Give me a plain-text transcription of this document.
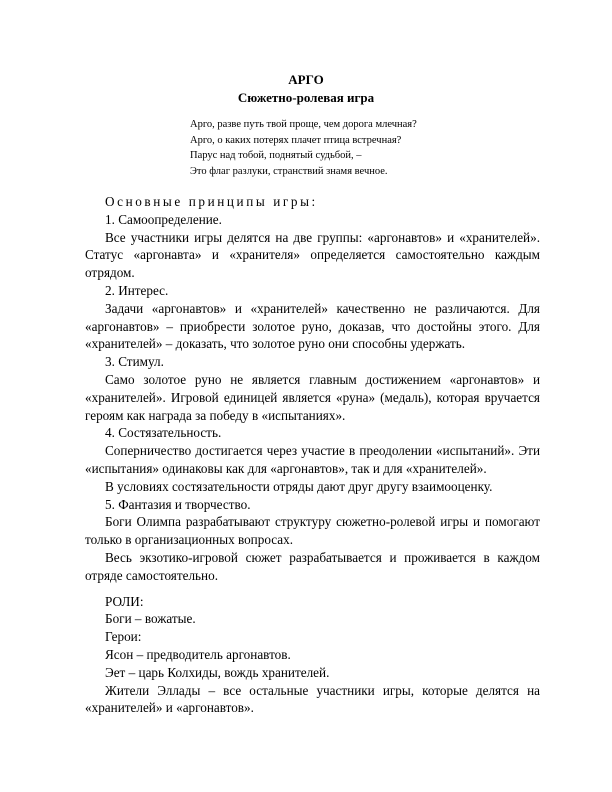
АРГО
Сюжетно-ролевая игра
Арго, разве путь твой проще, чем дорога млечная?
Арго, о каких потерях плачет птица встречная?
Парус над тобой, поднятый судьбой, –
Это флаг разлуки, странствий знамя вечное.

Основные принципы игры:

1. Самоопределение.

Все участники игры делятся на две группы: «аргонавтов» и «хранителей». Статус «аргонавта» и «хранителя» определяется самостоятельно каждым отрядом.

2. Интерес.

Задачи «аргонавтов» и «хранителей» качественно не различаются. Для «аргонавтов» – приобрести золотое руно, доказав, что достойны этого. Для «хранителей» – доказать, что золотое руно они способны удержать.

3. Стимул.

Само золотое руно не является главным достижением «аргонавтов» и «хранителей». Игровой единицей является «руна» (медаль), которая вручается героям как награда за победу в «испытаниях».

4. Состязательность.

Соперничество достигается через участие в преодолении «испытаний». Эти «испытания» одинаковы как для «аргонавтов», так и для «хранителей».

В условиях состязательности отряды дают друг другу взаимооценку.

5. Фантазия и творчество.

Боги Олимпа разрабатывают структуру сюжетно-ролевой игры и помогают только в организационных вопросах.

Весь экзотико-игровой сюжет разрабатывается и проживается в каждом отряде самостоятельно.

РОЛИ:

Боги – вожатые.

Герои:

Ясон – предводитель аргонавтов.

Эет – царь Колхиды, вождь хранителей.

Жители Эллады – все остальные участники игры, которые делятся на «хранителей» и «аргонавтов».
